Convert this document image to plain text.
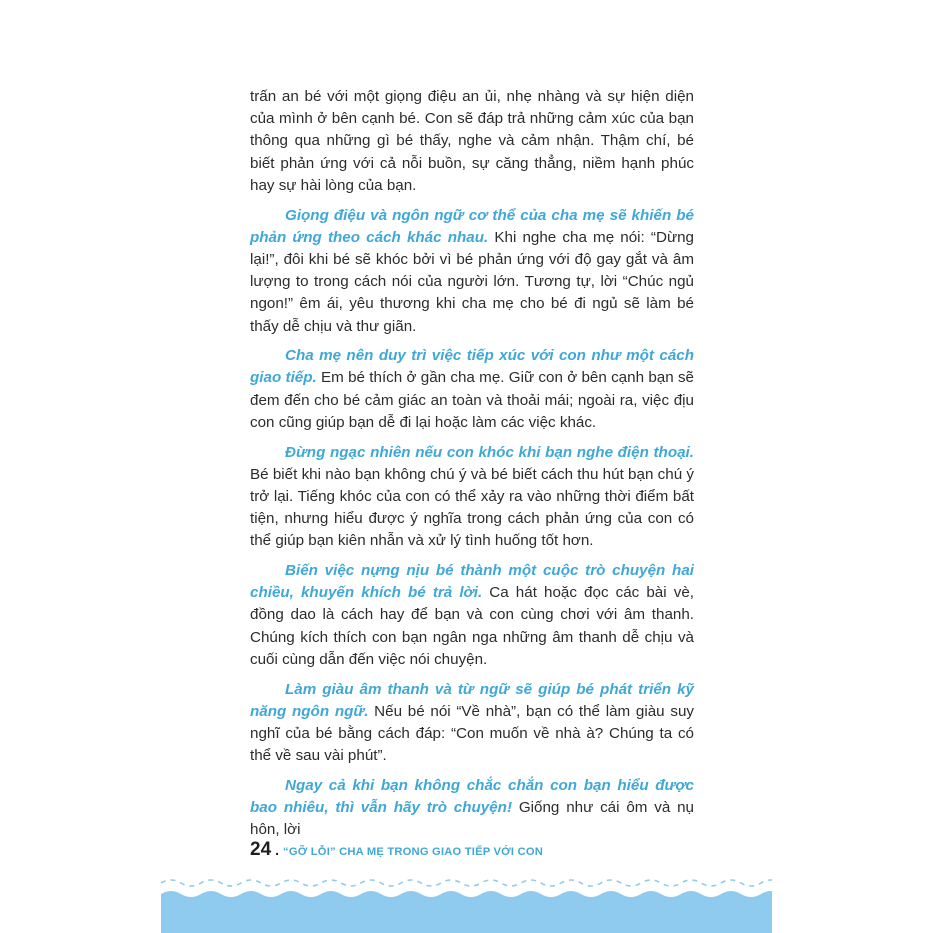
trấn an bé với một giọng điệu an ủi, nhẹ nhàng và sự hiện diện của mình ở bên cạnh bé. Con sẽ đáp trả những cảm xúc của bạn thông qua những gì bé thấy, nghe và cảm nhận. Thậm chí, bé biết phản ứng với cả nỗi buồn, sự căng thẳng, niềm hạnh phúc hay sự hài lòng của bạn.

Giọng điệu và ngôn ngữ cơ thể của cha mẹ sẽ khiến bé phản ứng theo cách khác nhau. Khi nghe cha mẹ nói: “Dừng lại!”, đôi khi bé sẽ khóc bởi vì bé phản ứng với độ gay gắt và âm lượng to trong cách nói của người lớn. Tương tự, lời “Chúc ngủ ngon!” êm ái, yêu thương khi cha mẹ cho bé đi ngủ sẽ làm bé thấy dễ chịu và thư giãn.

Cha mẹ nên duy trì việc tiếp xúc với con như một cách giao tiếp. Em bé thích ở gần cha mẹ. Giữ con ở bên cạnh bạn sẽ đem đến cho bé cảm giác an toàn và thoải mái; ngoài ra, việc địu con cũng giúp bạn dễ đi lại hoặc làm các việc khác.

Đừng ngạc nhiên nếu con khóc khi bạn nghe điện thoại. Bé biết khi nào bạn không chú ý và bé biết cách thu hút bạn chú ý trở lại. Tiếng khóc của con có thể xảy ra vào những thời điểm bất tiện, nhưng hiểu được ý nghĩa trong cách phản ứng của con có thể giúp bạn kiên nhẫn và xử lý tình huống tốt hơn.

Biến việc nựng nịu bé thành một cuộc trò chuyện hai chiều, khuyến khích bé trả lời. Ca hát hoặc đọc các bài vè, đồng dao là cách hay để bạn và con cùng chơi với âm thanh. Chúng kích thích con bạn ngân nga những âm thanh dễ chịu và cuối cùng dẫn đến việc nói chuyện.

Làm giàu âm thanh và từ ngữ sẽ giúp bé phát triển kỹ năng ngôn ngữ. Nếu bé nói “Về nhà”, bạn có thể làm giàu suy nghĩ của bé bằng cách đáp: “Con muốn về nhà à? Chúng ta có thể về sau vài phút”.

Ngay cả khi bạn không chắc chắn con bạn hiểu được bao nhiêu, thì vẫn hãy trò chuyện! Giống như cái ôm và nụ hôn, lời

24 . “GỠ LỖI” CHA MẸ TRONG GIAO TIẾP VỚI CON
